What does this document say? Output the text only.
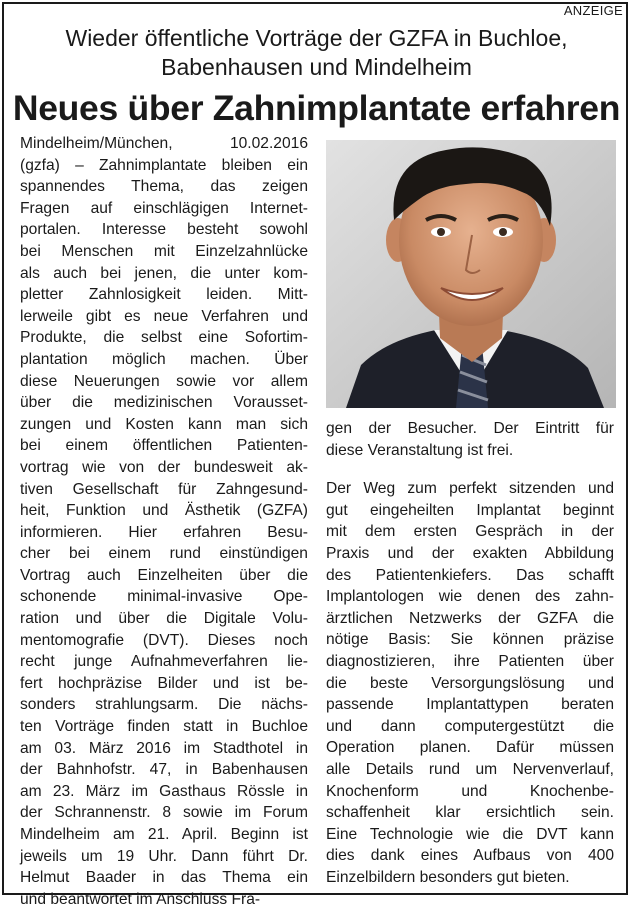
ANZEIGE
Wieder öffentliche Vorträge der GZFA in Buchloe,
Babenhausen und Mindelheim
Neues über Zahnimplantate erfahren
Mindelheim/München, 10.02.2016
(gzfa) – Zahnimplantate bleiben ein
spannendes Thema, das zeigen
Fragen auf einschlägigen Internet-
portalen. Interesse besteht sowohl
bei Menschen mit Einzelzahnlücke
als auch bei jenen, die unter kom-
pletter Zahnlosigkeit leiden. Mitt-
lerweile gibt es neue Verfahren und
Produkte, die selbst eine Sofortim-
plantation möglich machen. Über
diese Neuerungen sowie vor allem
über die medizinischen Vorausset-
zungen und Kosten kann man sich
bei einem öffentlichen Patienten-
vortrag wie von der bundesweit ak-
tiven Gesellschaft für Zahngesund-
heit, Funktion und Ästhetik (GZFA)
informieren. Hier erfahren Besu-
cher bei einem rund einstündigen
Vortrag auch Einzelheiten über die
schonende minimal-invasive Ope-
ration und über die Digitale Volu-
mentomografie (DVT). Dieses noch
recht junge Aufnahmeverfahren lie-
fert hochpräzise Bilder und ist be-
sonders strahlungsarm. Die nächs-
ten Vorträge finden statt in Buchloe
am 03. März 2016 im Stadthotel in
der Bahnhofstr. 47, in Babenhausen
am 23. März im Gasthaus Rössle in
der Schrannenstr. 8 sowie im Forum
Mindelheim am 21. April. Beginn ist
jeweils um 19 Uhr. Dann führt Dr.
Helmut Baader in das Thema ein
und beantwortet im Anschluss Fra-
gen der Besucher. Der Eintritt für
diese Veranstaltung ist frei.
Der Weg zum perfekt sitzenden und
gut eingeheilten Implantat beginnt
mit dem ersten Gespräch in der
Praxis und der exakten Abbildung
des Patientenkiefers. Das schafft
Implantologen wie denen des zahn-
ärztlichen Netzwerks der GZFA die
nötige Basis: Sie können präzise
diagnostizieren, ihre Patienten über
die beste Versorgungslösung und
passende Implantattypen beraten
und dann computergestützt die
Operation planen. Dafür müssen
alle Details rund um Nervenverlauf,
Knochenform und Knochenbe-
schaffenheit klar ersichtlich sein.
Eine Technologie wie die DVT kann
dies dank eines Aufbaus von 400
Einzelbildern besonders gut bieten.
